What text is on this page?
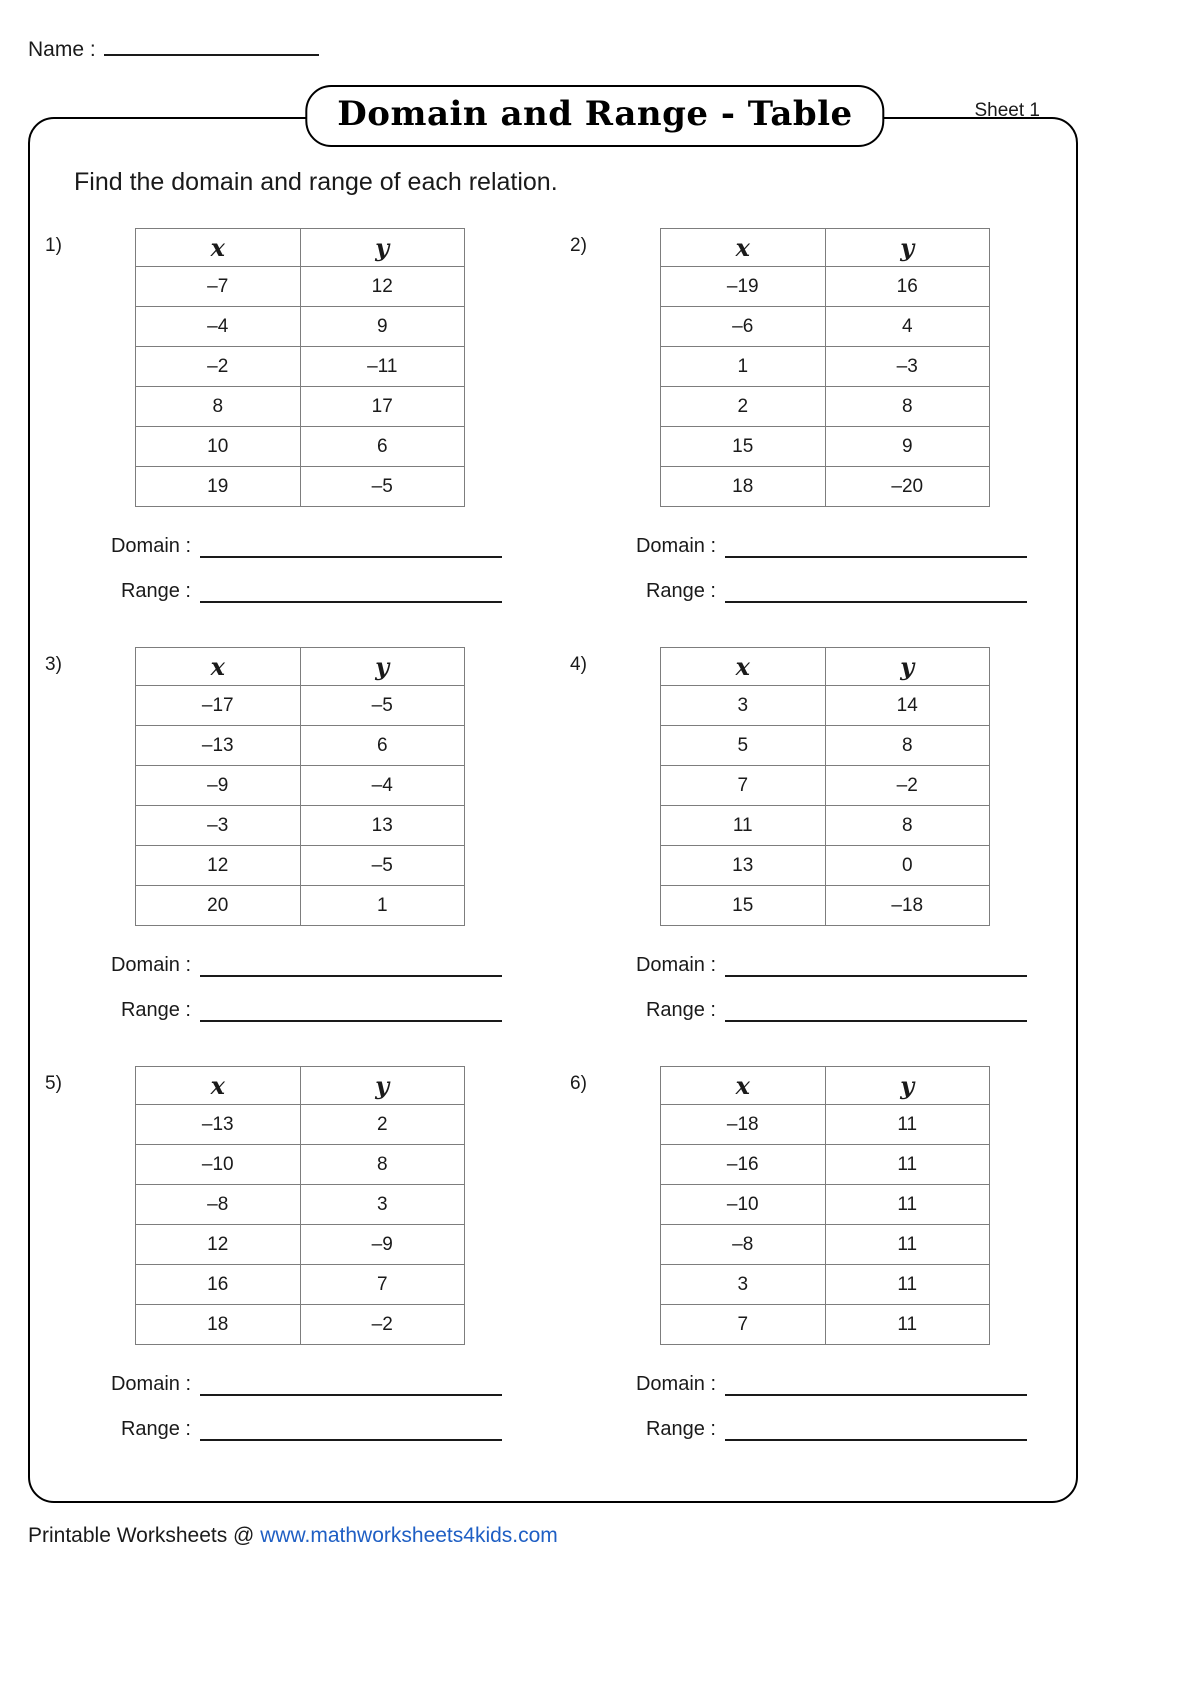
Name :
Sheet 1
Domain and Range - Table
Find the domain and range of each relation.
1)	x	y
–7	12
–4	9
–2	–11
8	17
10	6
19	–5
Domain :
Range :
2)	x	y
–19	16
–6	4
1	–3
2	8
15	9
18	–20
Domain :
Range :
3)	x	y
–17	–5
–13	6
–9	–4
–3	13
12	–5
20	1
Domain :
Range :
4)	x	y
3	14
5	8
7	–2
11	8
13	0
15	–18
Domain :
Range :
5)	x	y
–13	2
–10	8
–8	3
12	–9
16	7
18	–2
Domain :
Range :
6)	x	y
–18	11
–16	11
–10	11
–8	11
3	11
7	11
Domain :
Range :
Printable Worksheets @ www.mathworksheets4kids.com
